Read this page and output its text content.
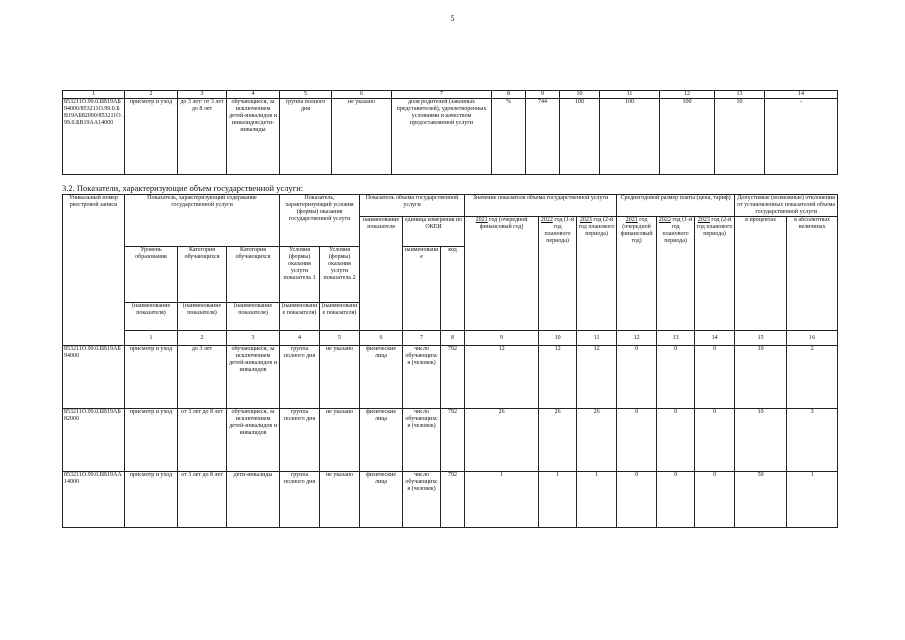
5
1	2	3	4	5	6	7	8	9	10	11	12	13	14
853211О.99.0.БВ19АБ94000/853211О.99.0.БВ19АБ82000/853211О.99.0.БВ19АА14000	присмотр и уход	до 3 лет/ от 3 лет до 8 лет	обучающиеся, за исключением детей-инвалидов и инвалидов/дети-инвалиды	группа полного дня	не указано	доля родителей (законных представителей), удовлетворенных условиями и качеством предоставляемой услуги	%	744	100	100	100	10	-
3.2. Показатели, характеризующие объем государственной услуги:
Уникальный номер реестровой записи	Показатель, характеризующий содержание государственной услуги			Показатель, характеризующий условия (формы) оказания государственной услуги		Показатель объема государственной услуги			Значение показателя объема государственной услуги			Среднегодовой размер платы (цена, тариф)			Допустимые (возможные) отклонения от установленных показателей объема государственной услуги		
						наименование показателя	единица измерения по ОКЕИ		2021 год (очередной финансовый год)	2022 год (1-й год планового периода)	2023 год (2-й год планового периода)	2021 год (очередной финансовый год)	2022 год (1-й год планового периода)	2023 год (2-й год планового периода)	в процентах	в абсолютных величинах	
	Уровень образования	Категория обучающихся	Категория обучающихся	Условия (формы) оказания услуги показатель 1	Условия (формы) оказания услуги показатель 2		наименование	код									
	(наименование показателя)	(наименование показателя)	(наименование показателя)	(наименование показателя)	(наименование показателя)												
	1	2	3	4	5	6	7	8	9	10	11	12	13	14	15	16	
853211О.99.0.БВ19АБ94000	присмотр и уход	до 3 лет	обучающиеся, за исключением детей-инвалидов и инвалидов	группа полного дня	не указано	физические лица	число обучающихся (человек)	792	12	12	12	0	0	0	10	2	
853211О.99.0.БВ19АБ82000	присмотр и уход	от 3 лет до 8 лет	обучающиеся, за исключением детей-инвалидов и инвалидов	группа полного дня	не указано	физические лица	число обучающихся (человек)	792	26	26	26	0	0	0	10	3	
853211О.99.0.БВ19АА14000	присмотр и уход	от 3 лет до 8 лет	дети-инвалиды	группа полного дня	не указано	физические лица	число обучающихся (человек)	792	1	1	1	0	0	0	50	1	
